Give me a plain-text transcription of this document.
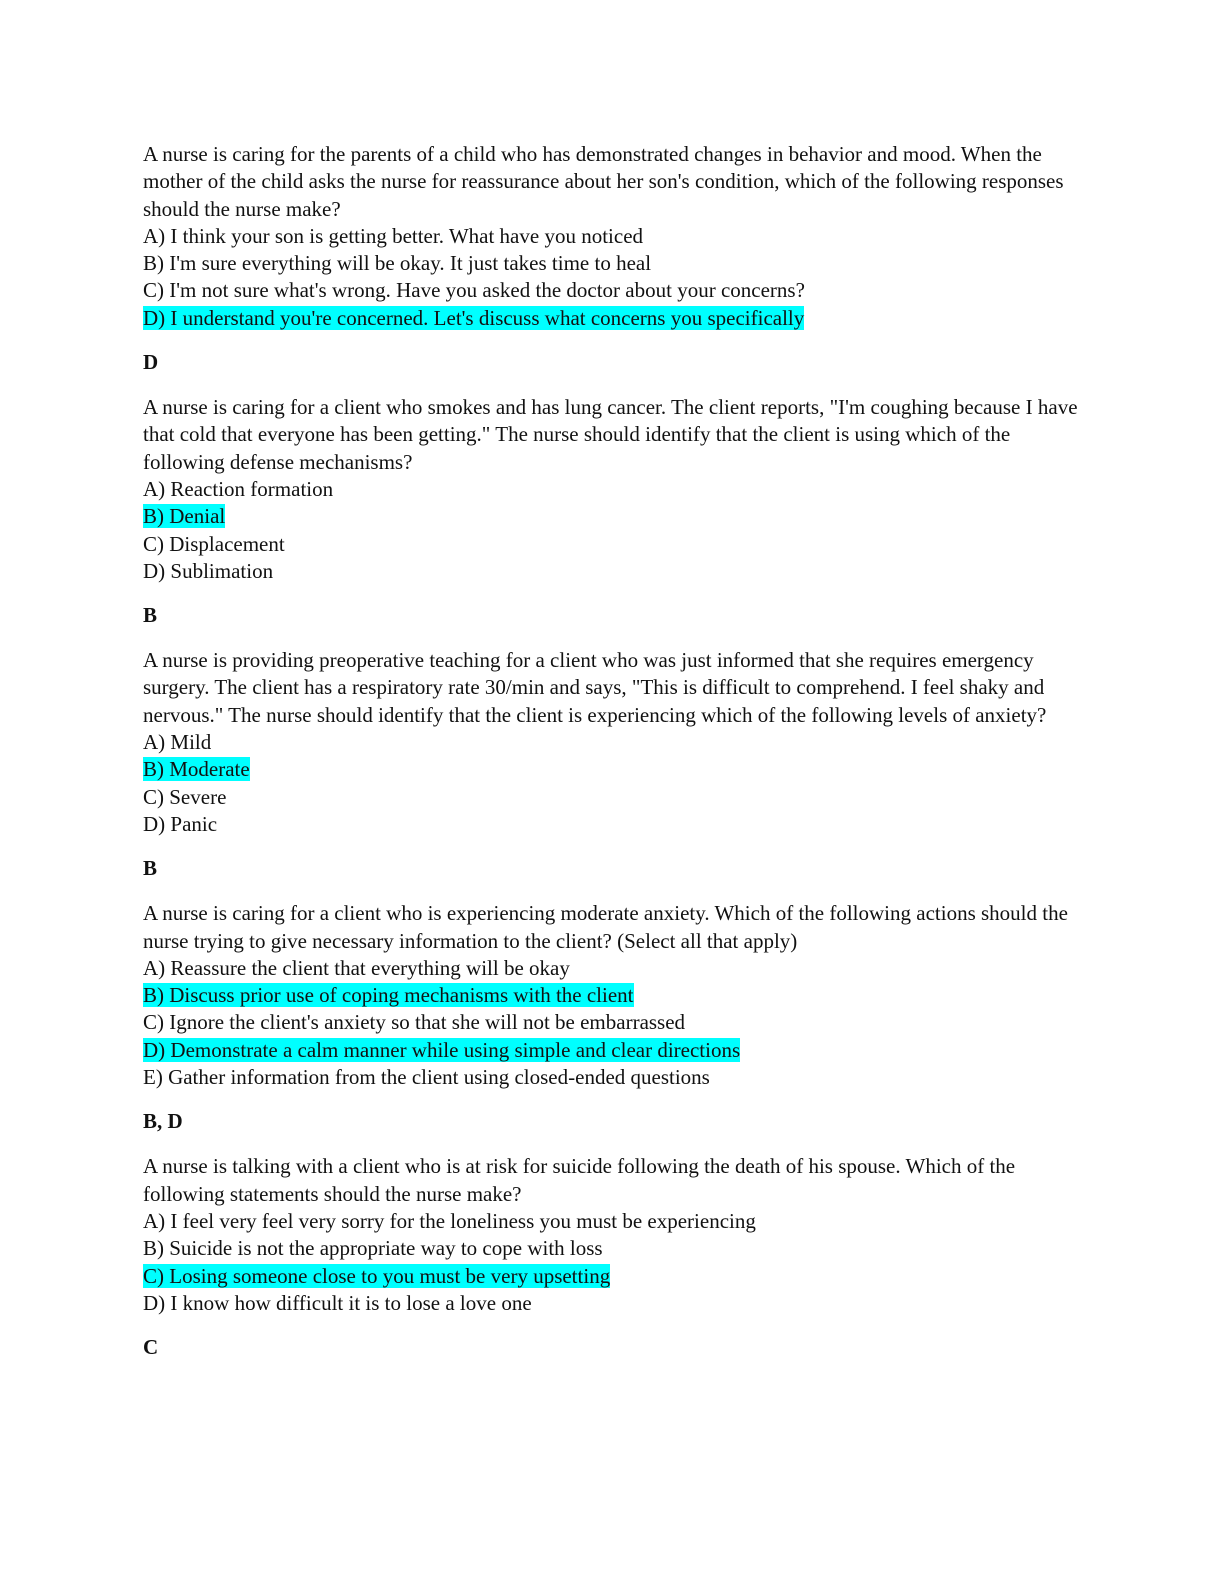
A nurse is caring for the parents of a child who has demonstrated changes in behavior and mood. When the mother of the child asks the nurse for reassurance about her son's condition, which of the following responses should the nurse make?
A) I think your son is getting better. What have you noticed
B) I'm sure everything will be okay. It just takes time to heal
C) I'm not sure what's wrong. Have you asked the doctor about your concerns?
D) I understand you're concerned. Let's discuss what concerns you specifically
D
A nurse is caring for a client who smokes and has lung cancer. The client reports, "I'm coughing because I have that cold that everyone has been getting." The nurse should identify that the client is using which of the following defense mechanisms?
A) Reaction formation
B) Denial
C) Displacement
D) Sublimation
B
A nurse is providing preoperative teaching for a client who was just informed that she requires emergency surgery. The client has a respiratory rate 30/min and says, "This is difficult to comprehend. I feel shaky and nervous." The nurse should identify that the client is experiencing which of the following levels of anxiety?
A) Mild
B) Moderate
C) Severe
D) Panic
B
A nurse is caring for a client who is experiencing moderate anxiety. Which of the following actions should the nurse trying to give necessary information to the client? (Select all that apply)
A) Reassure the client that everything will be okay
B) Discuss prior use of coping mechanisms with the client
C) Ignore the client's anxiety so that she will not be embarrassed
D) Demonstrate a calm manner while using simple and clear directions
E) Gather information from the client using closed-ended questions
B, D
A nurse is talking with a client who is at risk for suicide following the death of his spouse. Which of the following statements should the nurse make?
A) I feel very feel very sorry for the loneliness you must be experiencing
B) Suicide is not the appropriate way to cope with loss
C) Losing someone close to you must be very upsetting
D) I know how difficult it is to lose a love one
C
